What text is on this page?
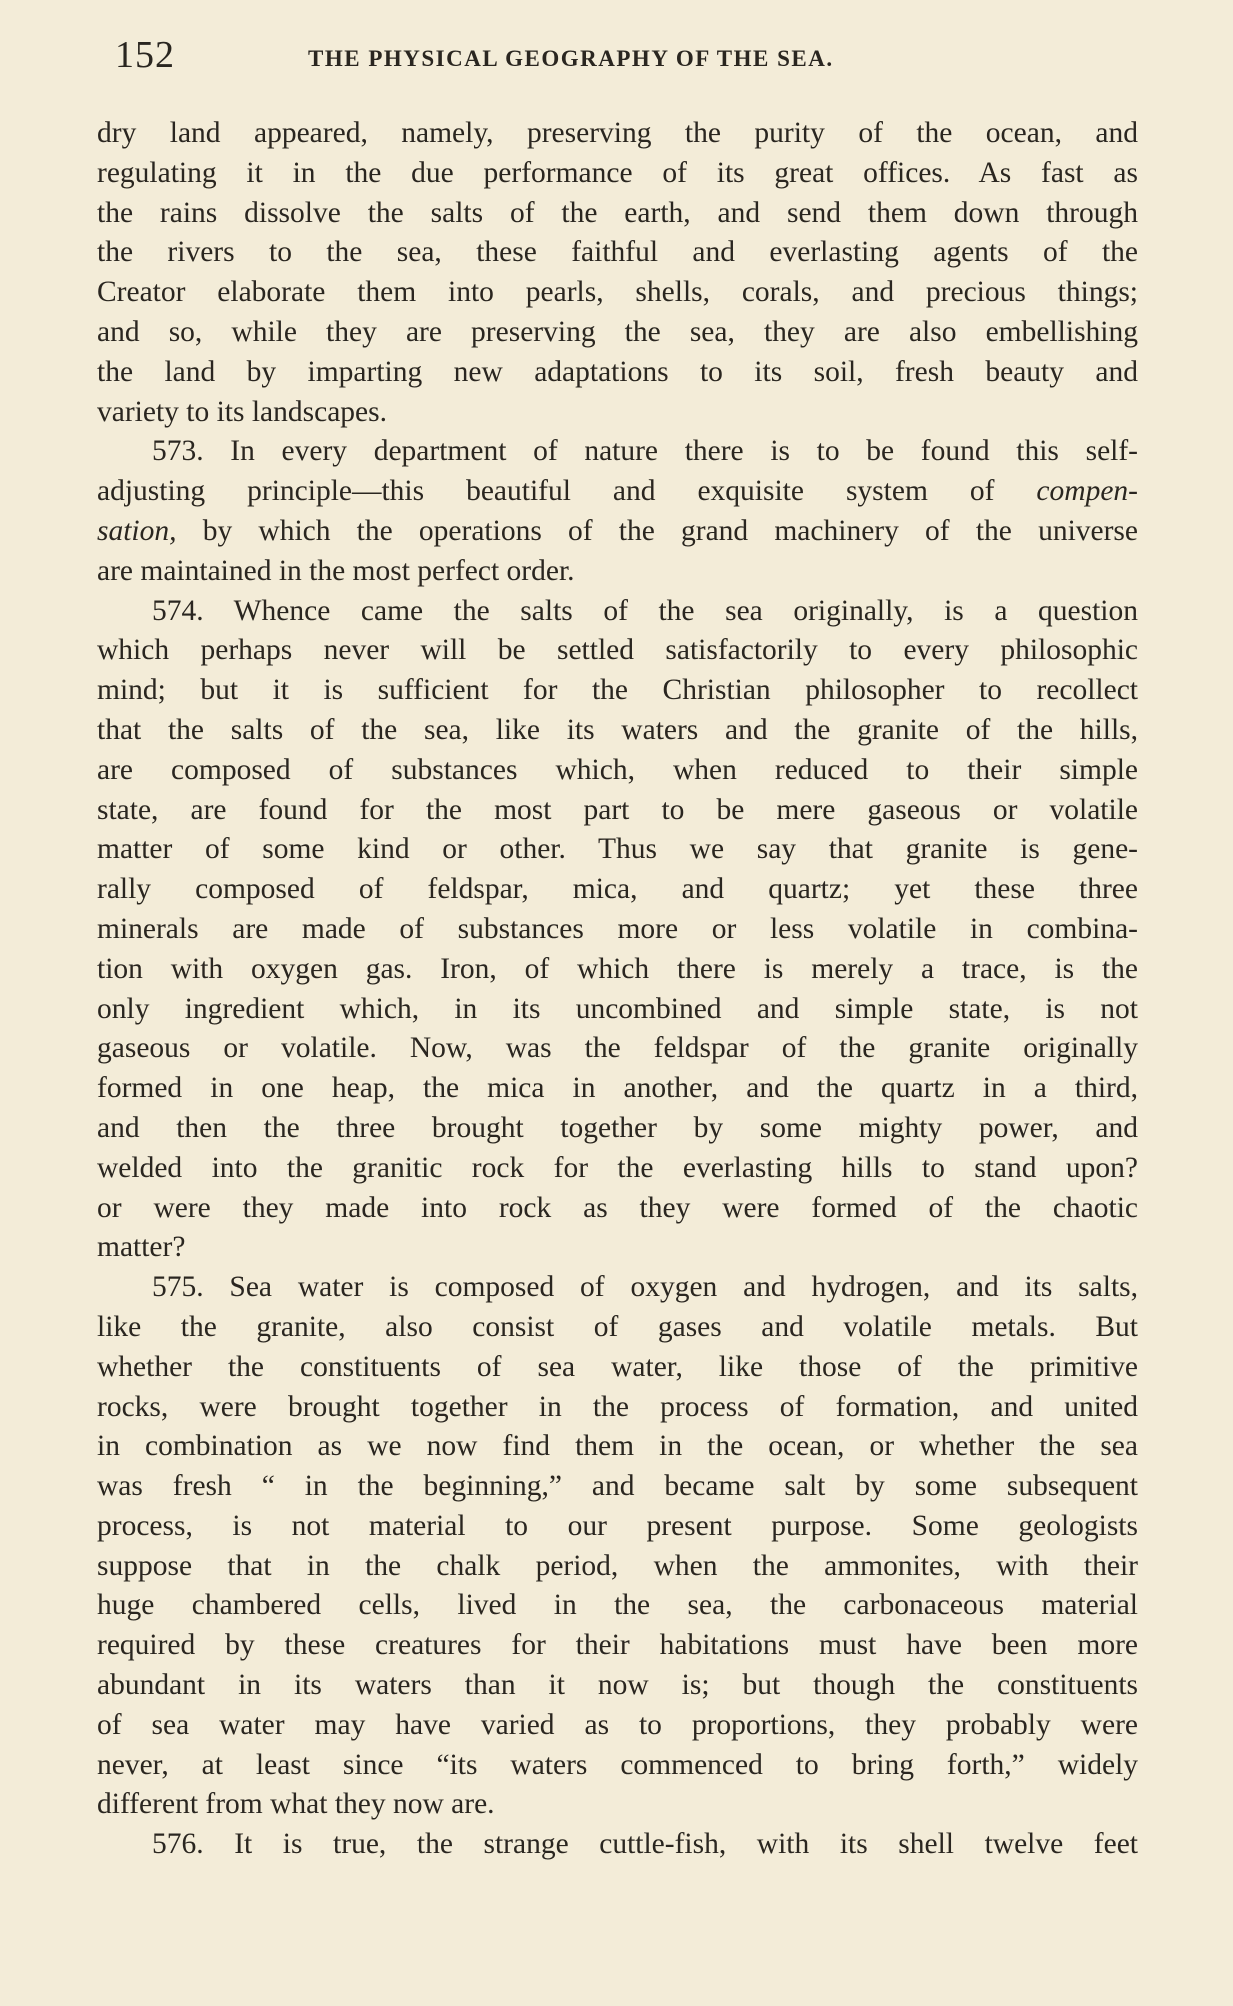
152	THE PHYSICAL GEOGRAPHY OF THE SEA.
dry land appeared, namely, preserving the purity of the ocean, and
regulating it in the due performance of its great offices. As fast as
the rains dissolve the salts of the earth, and send them down through
the rivers to the sea, these faithful and everlasting agents of the
Creator elaborate them into pearls, shells, corals, and precious things;
and so, while they are preserving the sea, they are also embellishing
the land by imparting new adaptations to its soil, fresh beauty and
variety to its landscapes.
573. In every department of nature there is to be found this self-
adjusting principle—this beautiful and exquisite system of compen-
sation, by which the operations of the grand machinery of the universe
are maintained in the most perfect order.
574. Whence came the salts of the sea originally, is a question
which perhaps never will be settled satisfactorily to every philosophic
mind; but it is sufficient for the Christian philosopher to recollect
that the salts of the sea, like its waters and the granite of the hills,
are composed of substances which, when reduced to their simple
state, are found for the most part to be mere gaseous or volatile
matter of some kind or other. Thus we say that granite is gene-
rally composed of feldspar, mica, and quartz; yet these three
minerals are made of substances more or less volatile in combina-
tion with oxygen gas. Iron, of which there is merely a trace, is the
only ingredient which, in its uncombined and simple state, is not
gaseous or volatile. Now, was the feldspar of the granite originally
formed in one heap, the mica in another, and the quartz in a third,
and then the three brought together by some mighty power, and
welded into the granitic rock for the everlasting hills to stand upon?
or were they made into rock as they were formed of the chaotic
matter?
575. Sea water is composed of oxygen and hydrogen, and its salts,
like the granite, also consist of gases and volatile metals. But
whether the constituents of sea water, like those of the primitive
rocks, were brought together in the process of formation, and united
in combination as we now find them in the ocean, or whether the sea
was fresh “ in the beginning,” and became salt by some subsequent
process, is not material to our present purpose. Some geologists
suppose that in the chalk period, when the ammonites, with their
huge chambered cells, lived in the sea, the carbonaceous material
required by these creatures for their habitations must have been more
abundant in its waters than it now is; but though the constituents
of sea water may have varied as to proportions, they probably were
never, at least since “its waters commenced to bring forth,” widely
different from what they now are.
576. It is true, the strange cuttle-fish, with its shell twelve feet
